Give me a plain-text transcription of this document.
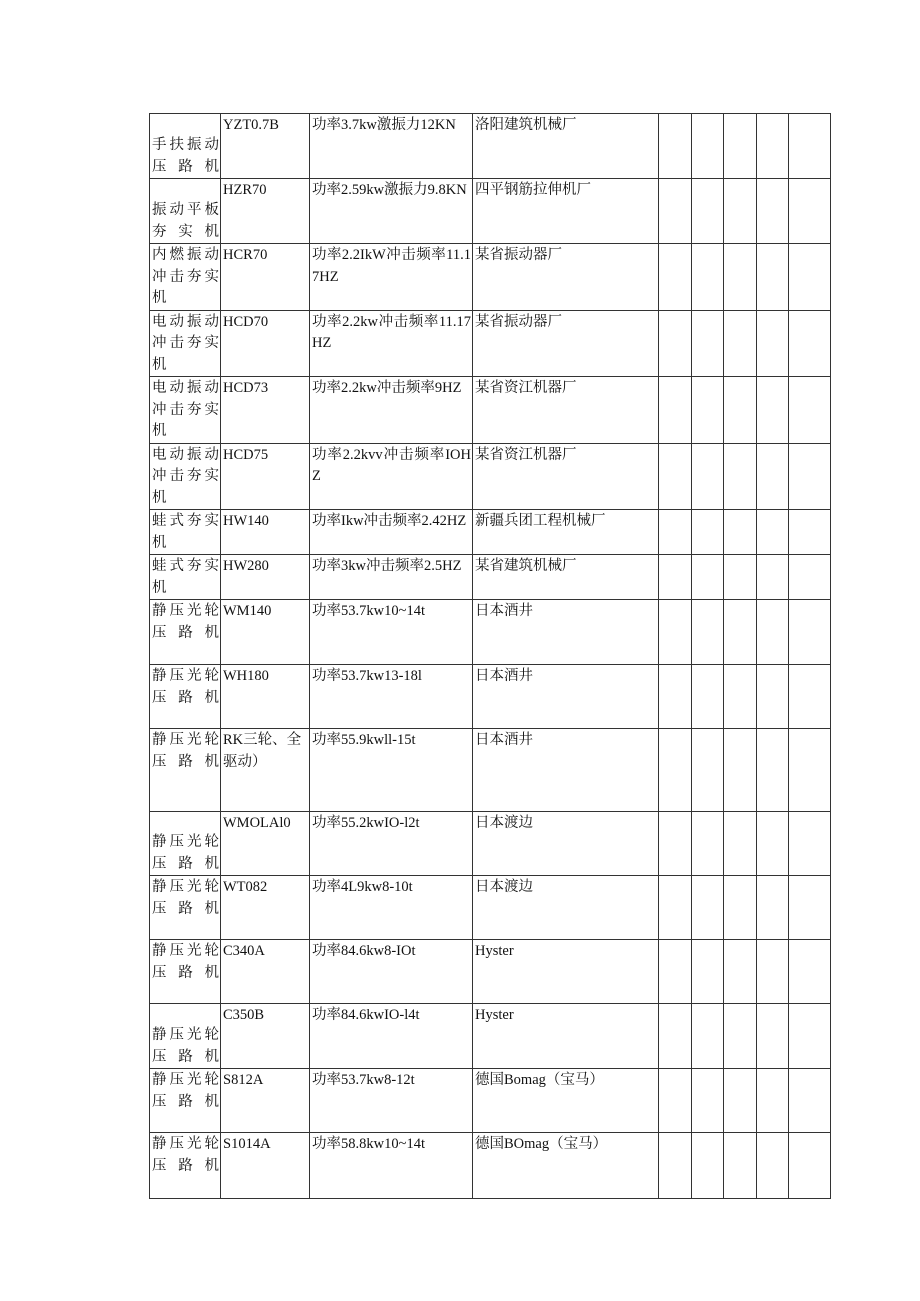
手扶振动压路机	YZT0.7B	功率3.7kw激振力12KN	洛阳建筑机械厂					
振动平板夯实机	HZR70	功率2.59kw激振力9.8KN	四平钢筋拉伸机厂					
内燃振动冲击夯实机	HCR70	功率2.2IkW冲击频率11.17HZ	某省振动器厂					
电动振动冲击夯实机	HCD70	功率2.2kw冲击频率11.17HZ	某省振动器厂					
电动振动冲击夯实机	HCD73	功率2.2kw冲击频率9HZ	某省资江机器厂					
电动振动冲击夯实机	HCD75	功率2.2kvv冲击频率IOHZ	某省资江机器厂					
蛙式夯实机	HW140	功率Ikw冲击频率2.42HZ	新疆兵团工程机械厂					
蛙式夯实机	HW280	功率3kw冲击频率2.5HZ	某省建筑机械厂					
静压光轮压路机	WM140	功率53.7kw10~14t	日本酒井					
静压光轮压路机	WH180	功率53.7kw13-18l	日本酒井					
静压光轮压路机	RK三轮、全驱动）	功率55.9kwll-15t	日本酒井					
静压光轮压路机	WMOLAl0	功率55.2kwIO-l2t	日本渡边					
静压光轮压路机	WT082	功率4L9kw8-10t	日本渡边					
静压光轮压路机	C340A	功率84.6kw8-IOt	Hyster					
静压光轮压路机	C350B	功率84.6kwIO-l4t	Hyster					
静压光轮压路机	S812A	功率53.7kw8-12t	德国Bomag（宝马）					
静压光轮压路机	S1014A	功率58.8kw10~14t	德国BOmag（宝马）					
